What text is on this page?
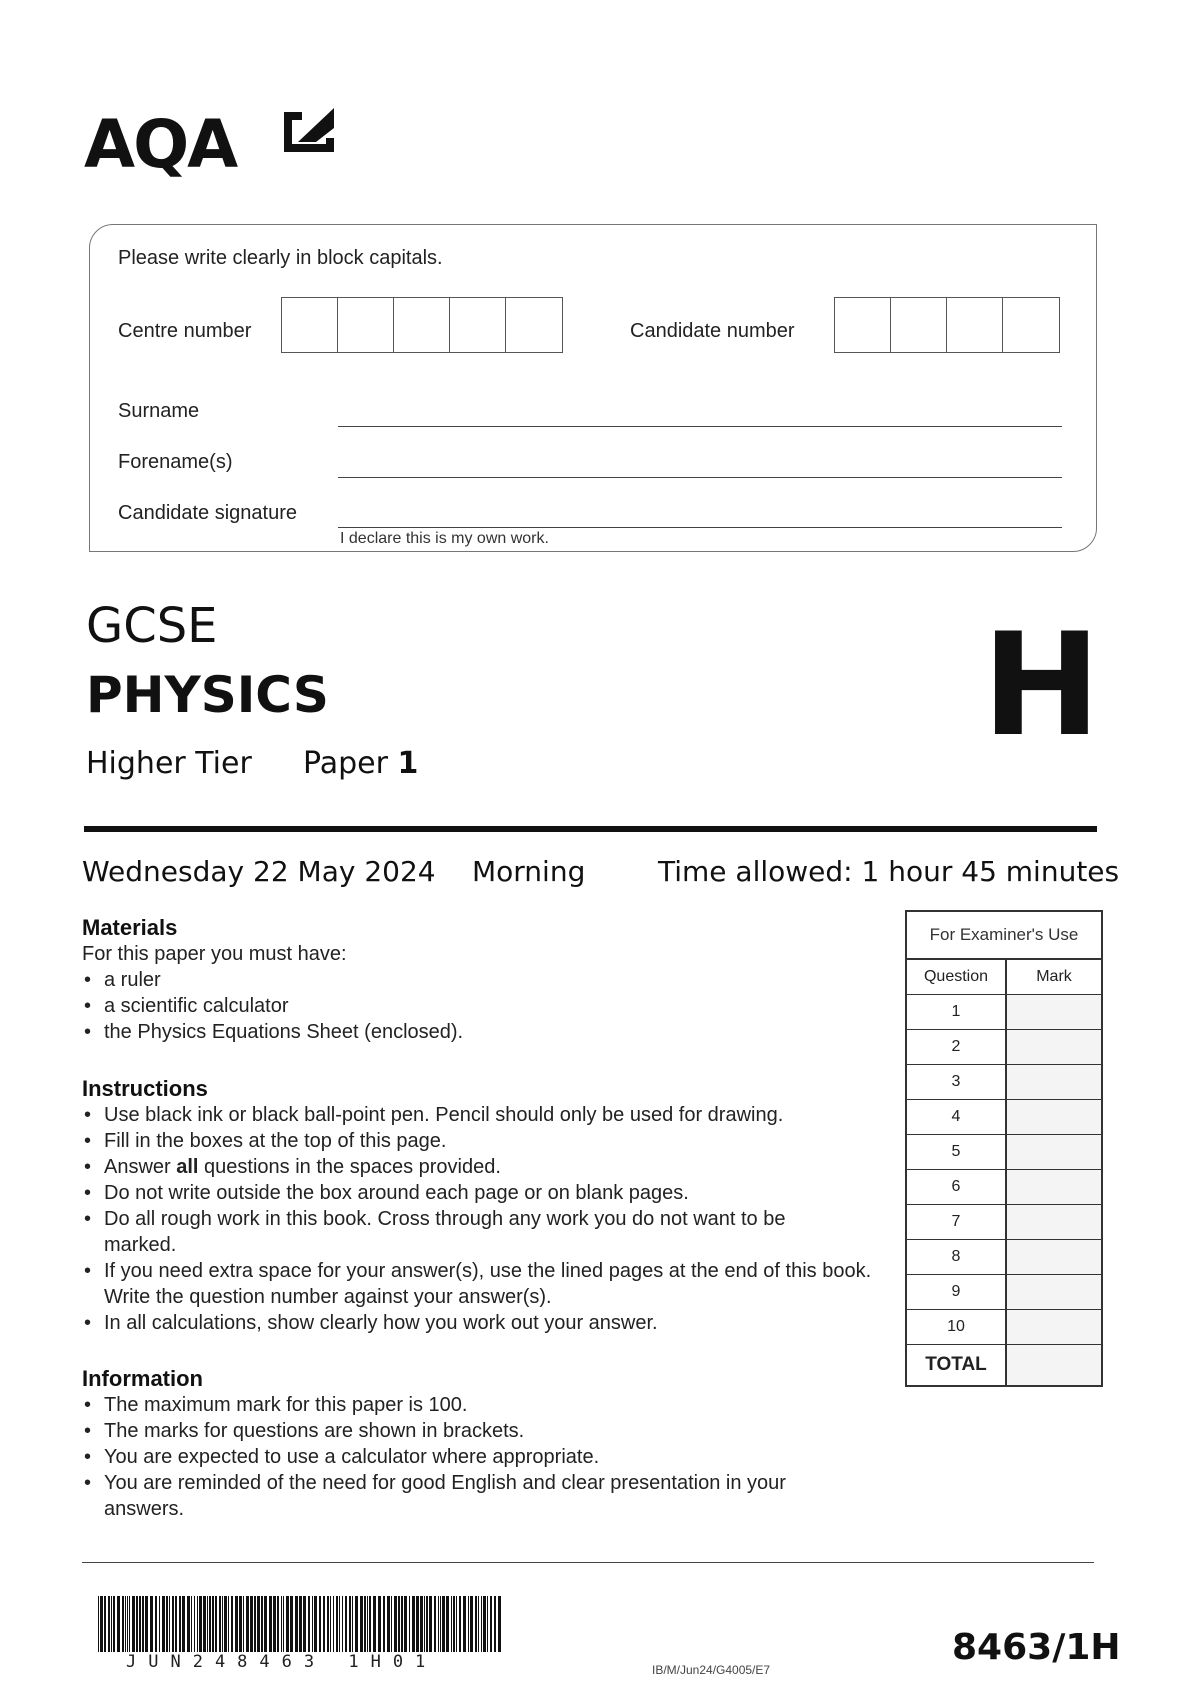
AQA
Please write clearly in block capitals.
Centre number	Candidate number
Surname
Forename(s)
Candidate signature
I declare this is my own work.
GCSE
PHYSICS
Higher Tier Paper 1	H
Wednesday 22 May 2024 Morning	Time allowed: 1 hour 45 minutes
Materials
For this paper you must have:
• a ruler
• a scientific calculator
• the Physics Equations Sheet (enclosed).
Instructions
• Use black ink or black ball-point pen. Pencil should only be used for drawing.
• Fill in the boxes at the top of this page.
• Answer all questions in the spaces provided.
• Do not write outside the box around each page or on blank pages.
• Do all rough work in this book. Cross through any work you do not want to be marked.
• If you need extra space for your answer(s), use the lined pages at the end of this book. Write the question number against your answer(s).
• In all calculations, show clearly how you work out your answer.
Information
• The maximum mark for this paper is 100.
• The marks for questions are shown in brackets.
• You are expected to use a calculator where appropriate.
• You are reminded of the need for good English and clear presentation in your answers.
For Examiner's Use
Question	Mark
1
2
3
4
5
6
7
8
9
10
TOTAL
JUN248463 1H01	IB/M/Jun24/G4005/E7
8463/1H
